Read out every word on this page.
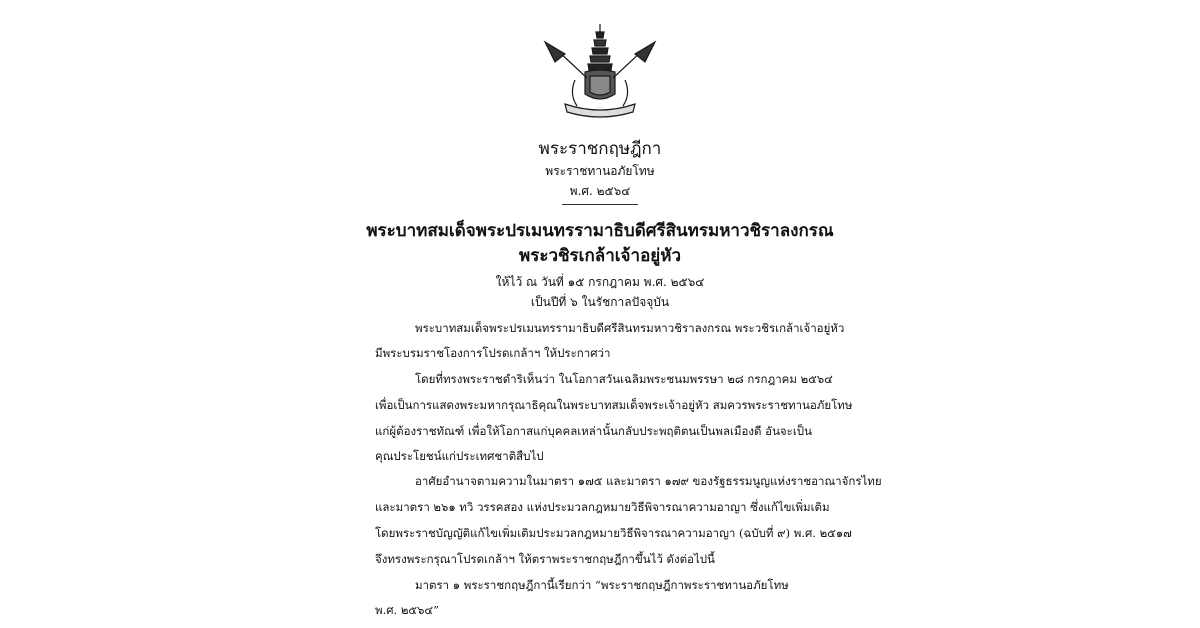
พระราชกฤษฎีกา
พระราชทานอภัยโทษ
พ.ศ. ๒๕๖๔
พระบาทสมเด็จพระปรเมนทรรามาธิบดีศรีสินทรมหาวชิราลงกรณ
พระวชิรเกล้าเจ้าอยู่หัว
ให้ไว้ ณ วันที่ ๑๕ กรกฎาคม พ.ศ. ๒๕๖๔
เป็นปีที่ ๖ ในรัชกาลปัจจุบัน
พระบาทสมเด็จพระปรเมนทรรามาธิบดีศรีสินทรมหาวชิราลงกรณ พระวชิรเกล้าเจ้าอยู่หัว
มีพระบรมราชโองการโปรดเกล้าฯ ให้ประกาศว่า
โดยที่ทรงพระราชดำริเห็นว่า ในโอกาสวันเฉลิมพระชนมพรรษา ๒๘ กรกฎาคม ๒๕๖๔
เพื่อเป็นการแสดงพระมหากรุณาธิคุณในพระบาทสมเด็จพระเจ้าอยู่หัว สมควรพระราชทานอภัยโทษ
แก่ผู้ต้องราชทัณฑ์ เพื่อให้โอกาสแก่บุคคลเหล่านั้นกลับประพฤติตนเป็นพลเมืองดี อันจะเป็น
คุณประโยชน์แก่ประเทศชาติสืบไป
อาศัยอำนาจตามความในมาตรา ๑๗๕ และมาตรา ๑๗๙ ของรัฐธรรมนูญแห่งราชอาณาจักรไทย
และมาตรา ๒๖๑ ทวิ วรรคสอง แห่งประมวลกฎหมายวิธีพิจารณาความอาญา ซึ่งแก้ไขเพิ่มเติม
โดยพระราชบัญญัติแก้ไขเพิ่มเติมประมวลกฎหมายวิธีพิจารณาความอาญา (ฉบับที่ ๙) พ.ศ. ๒๕๑๗
จึงทรงพระกรุณาโปรดเกล้าฯ ให้ตราพระราชกฤษฎีกาขึ้นไว้ ดังต่อไปนี้
มาตรา ๑ พระราชกฤษฎีกานี้เรียกว่า “พระราชกฤษฎีกาพระราชทานอภัยโทษ
พ.ศ. ๒๕๖๔”
